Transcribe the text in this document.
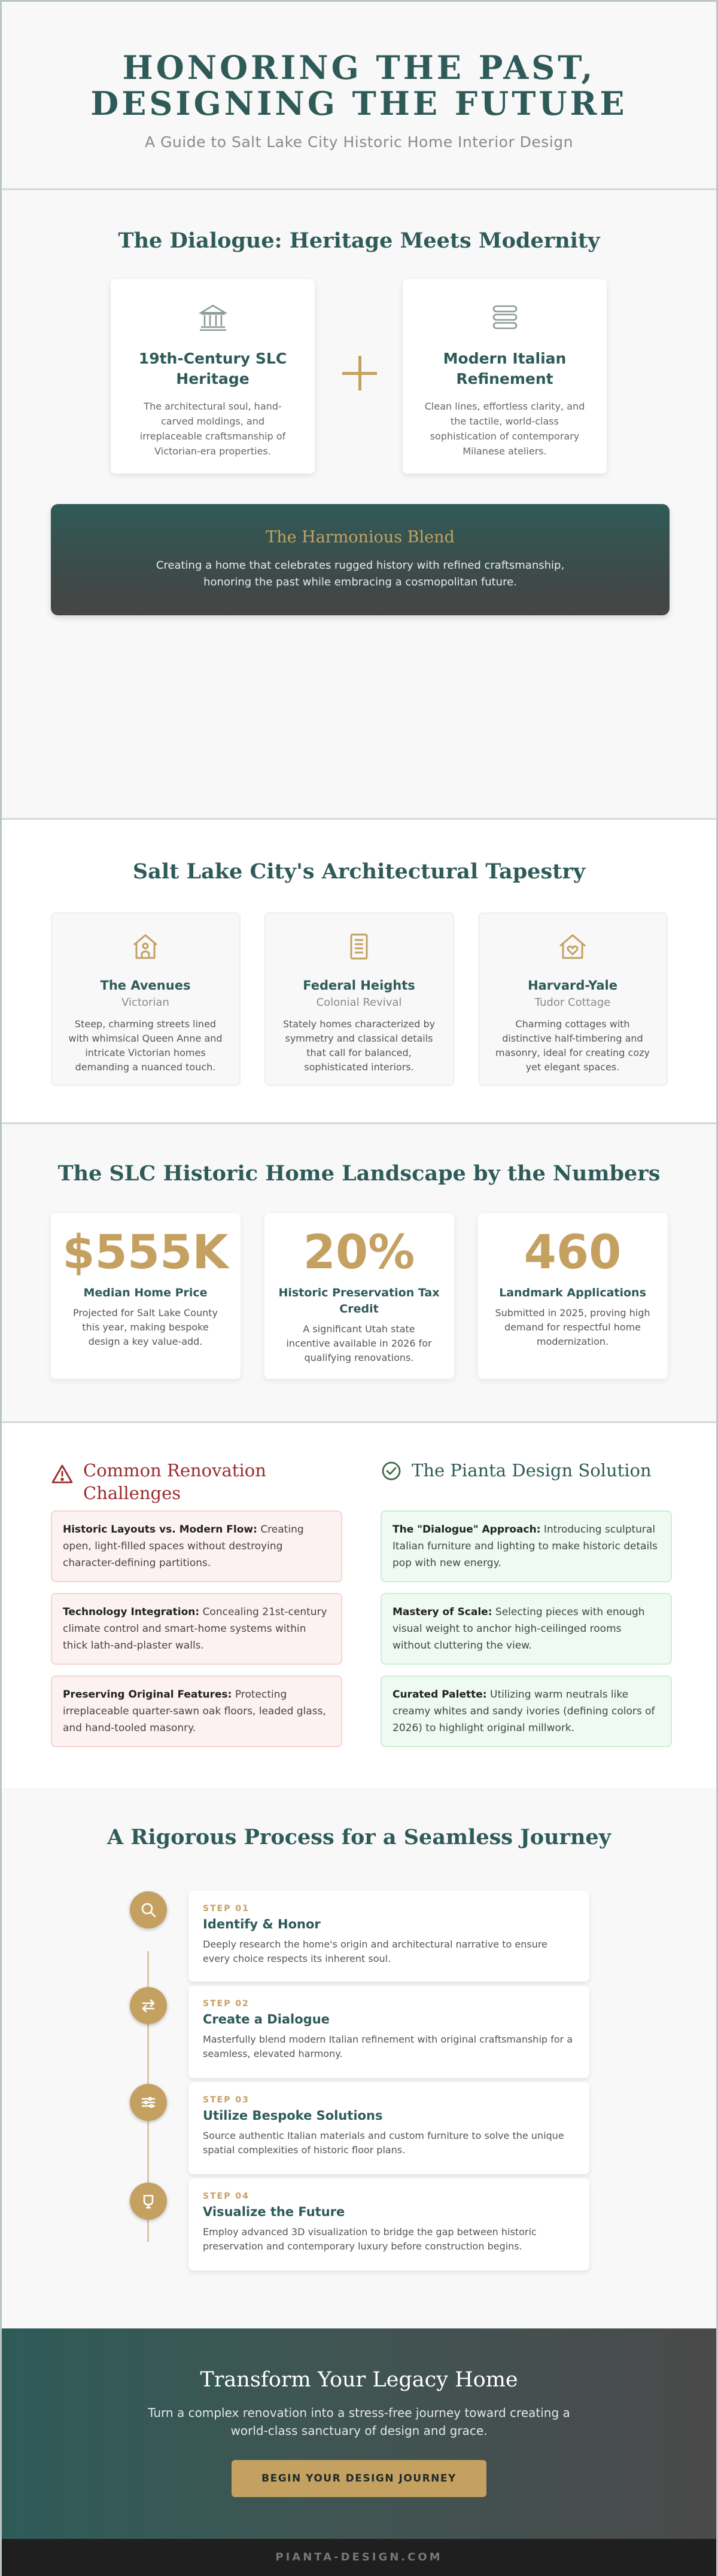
HONORING THE PAST,
DESIGNING THE FUTURE

A Guide to Salt Lake City Historic Home Interior Design

The Dialogue: Heritage Meets Modernity
19th-Century SLC Heritage

The architectural soul, hand-carved moldings, and irreplaceable craftsmanship of Victorian-era properties.

Modern Italian Refinement

Clean lines, effortless clarity, and the tactile, world-class sophistication of contemporary Milanese ateliers.

The Harmonious Blend

Creating a home that celebrates rugged history with refined craftsmanship, honoring the past while embracing a cosmopolitan future.

Salt Lake City's Architectural Tapestry
The Avenues
Victorian

Steep, charming streets lined with whimsical Queen Anne and intricate Victorian homes demanding a nuanced touch.

Federal Heights
Colonial Revival

Stately homes characterized by symmetry and classical details that call for balanced, sophisticated interiors.

Harvard-Yale
Tudor Cottage

Charming cottages with distinctive half-timbering and masonry, ideal for creating cozy yet elegant spaces.

The SLC Historic Home Landscape by the Numbers
$555K
Median Home Price

Projected for Salt Lake County this year, making bespoke design a key value-add.

20%
Historic Preservation Tax Credit

A significant Utah state incentive available in 2026 for qualifying renovations.

460
Landmark Applications

Submitted in 2025, proving high demand for respectful home modernization.

Common Renovation Challenges
Historic Layouts vs. Modern Flow: Creating open, light-filled spaces without destroying character-defining partitions.
Technology Integration: Concealing 21st-century climate control and smart-home systems within thick lath-and-plaster walls.
Preserving Original Features: Protecting irreplaceable quarter-sawn oak floors, leaded glass, and hand-tooled masonry.
The Pianta Design Solution
The "Dialogue" Approach: Introducing sculptural Italian furniture and lighting to make historic details pop with new energy.
Mastery of Scale: Selecting pieces with enough visual weight to anchor high-ceilinged rooms without cluttering the view.
Curated Palette: Utilizing warm neutrals like creamy whites and sandy ivories (defining colors of 2026) to highlight original millwork.
A Rigorous Process for a Seamless Journey
STEP 01
Identify & Honor

Deeply research the home's origin and architectural narrative to ensure every choice respects its inherent soul.

STEP 02
Create a Dialogue

Masterfully blend modern Italian refinement with original craftsmanship for a seamless, elevated harmony.

STEP 03
Utilize Bespoke Solutions

Source authentic Italian materials and custom furniture to solve the unique spatial complexities of historic floor plans.

STEP 04
Visualize the Future

Employ advanced 3D visualization to bridge the gap between historic preservation and contemporary luxury before construction begins.

Transform Your Legacy Home

Turn a complex renovation into a stress-free journey toward creating a world-class sanctuary of design and grace.

BEGIN YOUR DESIGN JOURNEY
PIANTA-DESIGN.COM
